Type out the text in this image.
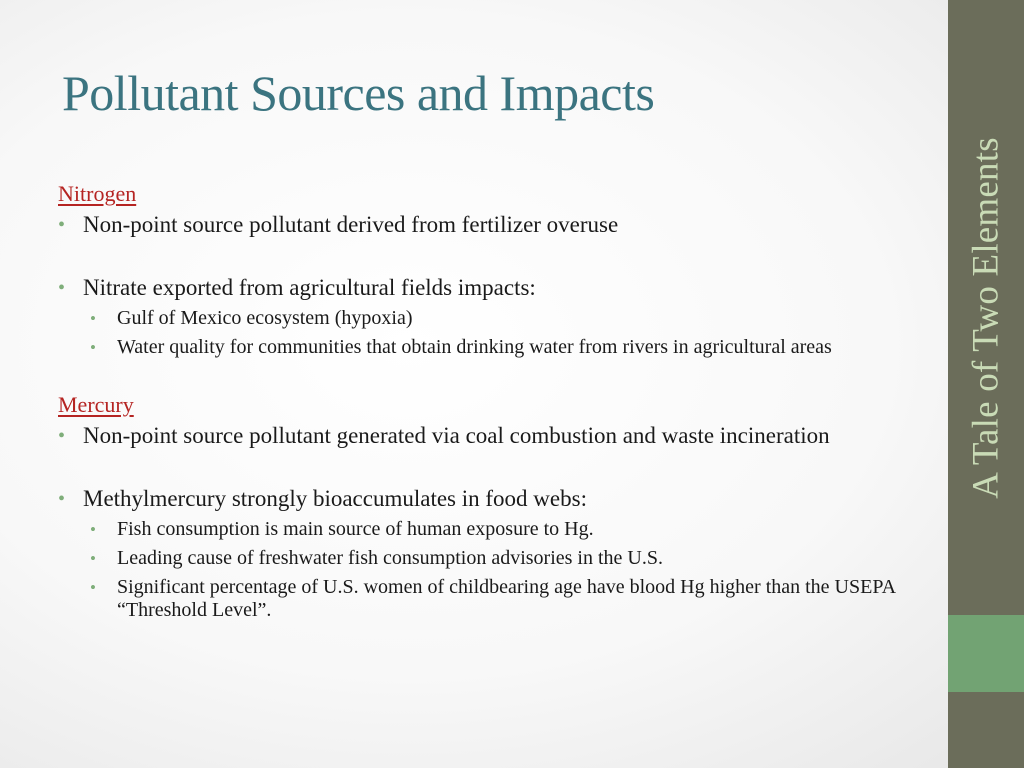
Pollutant Sources and Impacts

Nitrogen

• Non-point source pollutant derived from fertilizer overuse
• Nitrate exported from agricultural fields impacts:
• Gulf of Mexico ecosystem (hypoxia)
• Water quality for communities that obtain drinking water from rivers in agricultural areas

Mercury

• Non-point source pollutant generated via coal combustion and waste incineration
• Methylmercury strongly bioaccumulates in food webs:
• Fish consumption is main source of human exposure to Hg.
• Leading cause of freshwater fish consumption advisories in the U.S.
• Significant percentage of U.S. women of childbearing age have blood Hg higher than the USEPA “Threshold Level”.
A Tale of Two Elements
